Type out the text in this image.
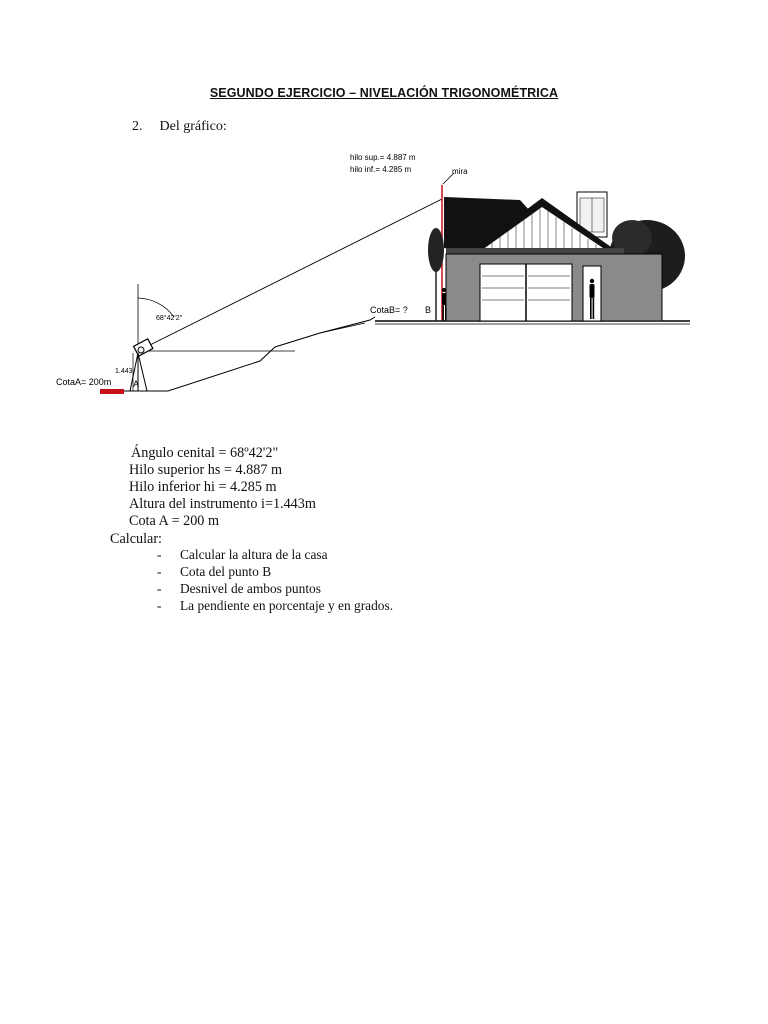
SEGUNDO EJERCICIO – NIVELACIÓN TRIGONOMÉTRICA
2. Del gráfico:
68°42'2"
1.443
A
CotaA= 200m
mira
hilo sup.= 4.887 m
hilo inf.= 4.285 m
CotaB= ? B
Ángulo cenital = 68º42'2"
Hilo superior hs = 4.887 m
Hilo inferior hi = 4.285 m
Altura del instrumento i=1.443m
Cota A = 200 m
Calcular:
- Calcular la altura de la casa
- Cota del punto B
- Desnivel de ambos puntos
- La pendiente en porcentaje y en grados.
